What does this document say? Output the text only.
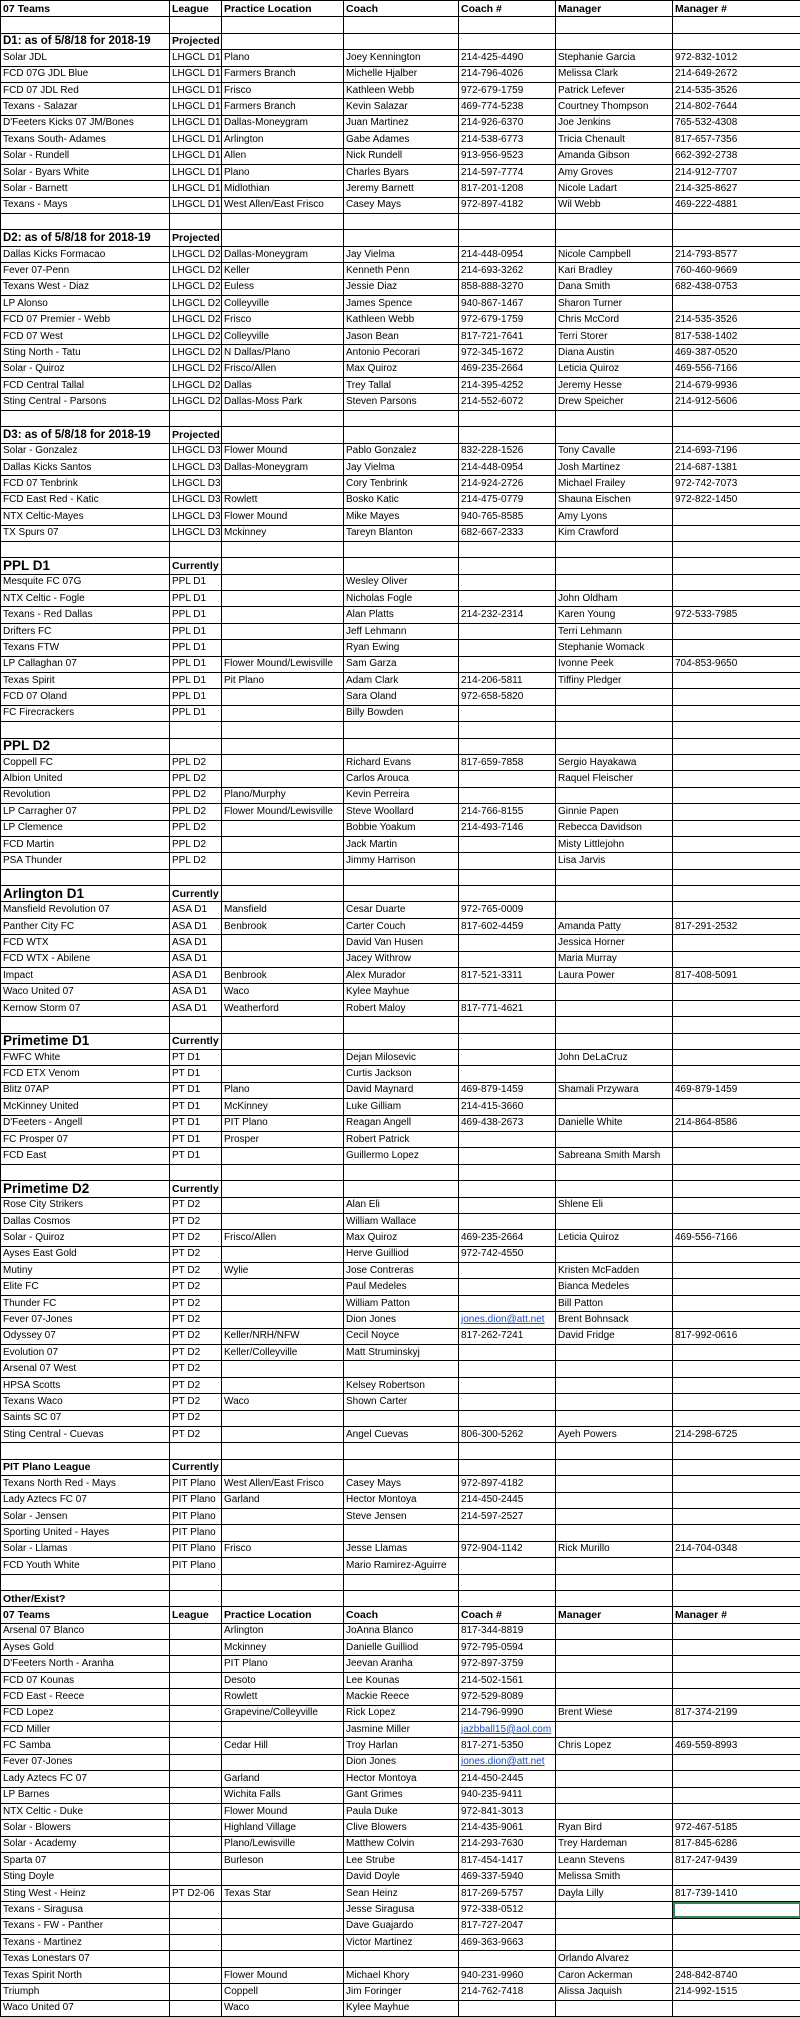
07 Teams	League	Practice Location	Coach	Coach #	Manager	Manager #

D1: as of 5/8/18 for 2018-19	Projected					
Solar JDL	LHGCL D1	Plano	Joey Kennington	214-425-4490	Stephanie Garcia	972-832-1012
FCD 07G JDL Blue	LHGCL D1	Farmers Branch	Michelle Hjalber	214-796-4026	Melissa Clark	214-649-2672
FCD 07 JDL Red	LHGCL D1	Frisco	Kathleen Webb	972-679-1759	Patrick Lefever	214-535-3526
Texans - Salazar	LHGCL D1	Farmers Branch	Kevin Salazar	469-774-5238	Courtney Thompson	214-802-7644
D'Feeters Kicks 07 JM/Bones	LHGCL D1	Dallas-Moneygram	Juan Martinez	214-926-6370	Joe Jenkins	765-532-4308
Texans South- Adames	LHGCL D1	Arlington	Gabe Adames	214-538-6773	Tricia Chenault	817-657-7356
Solar - Rundell	LHGCL D1	Allen	Nick Rundell	913-956-9523	Amanda Gibson	662-392-2738
Solar - Byars White	LHGCL D1	Plano	Charles Byars	214-597-7774	Amy Groves	214-912-7707
Solar - Barnett	LHGCL D1	Midlothian	Jeremy Barnett	817-201-1208	Nicole Ladart	214-325-8627
Texans - Mays	LHGCL D1	West Allen/East Frisco	Casey Mays	972-897-4182	Wil Webb	469-222-4881

D2: as of 5/8/18 for 2018-19	Projected					
Dallas Kicks Formacao	LHGCL D2	Dallas-Moneygram	Jay Vielma	214-448-0954	Nicole Campbell	214-793-8577
Fever 07-Penn	LHGCL D2	Keller	Kenneth Penn	214-693-3262	Kari Bradley	760-460-9669
Texans West - Diaz	LHGCL D2	Euless	Jessie Diaz	858-888-3270	Dana Smith	682-438-0753
LP Alonso	LHGCL D2	Colleyville	James Spence	940-867-1467	Sharon Turner	
FCD 07 Premier - Webb	LHGCL D2	Frisco	Kathleen Webb	972-679-1759	Chris McCord	214-535-3526
FCD 07 West	LHGCL D2	Colleyville	Jason Bean	817-721-7641	Terri Storer	817-538-1402
Sting North - Tatu	LHGCL D2	N Dallas/Plano	Antonio Pecorari	972-345-1672	Diana Austin	469-387-0520
Solar - Quiroz	LHGCL D2	Frisco/Allen	Max Quiroz	469-235-2664	Leticia Quiroz	469-556-7166
FCD Central Tallal	LHGCL D2	Dallas	Trey Tallal	214-395-4252	Jeremy Hesse	214-679-9936
Sting Central - Parsons	LHGCL D2	Dallas-Moss Park	Steven Parsons	214-552-6072	Drew Speicher	214-912-5606

D3: as of 5/8/18 for 2018-19	Projected					
Solar - Gonzalez	LHGCL D3	Flower Mound	Pablo Gonzalez	832-228-1526	Tony Cavalle	214-693-7196
Dallas Kicks Santos	LHGCL D3	Dallas-Moneygram	Jay Vielma	214-448-0954	Josh Martinez	214-687-1381
FCD 07 Tenbrink	LHGCL D3		Cory Tenbrink	214-924-2726	Michael Frailey	972-742-7073
FCD East Red - Katic	LHGCL D3	Rowlett	Bosko Katic	214-475-0779	Shauna Eischen	972-822-1450
NTX Celtic-Mayes	LHGCL D3	Flower Mound	Mike Mayes	940-765-8585	Amy Lyons	
TX Spurs 07	LHGCL D3	Mckinney	Tareyn Blanton	682-667-2333	Kim Crawford	

PPL D1	Currently					
Mesquite FC 07G	PPL D1		Wesley Oliver			
NTX Celtic - Fogle	PPL D1		Nicholas Fogle		John Oldham	
Texans - Red Dallas	PPL D1		Alan Platts	214-232-2314	Karen Young	972-533-7985
Drifters FC	PPL D1		Jeff Lehmann		Terri Lehmann	
Texans FTW	PPL D1		Ryan Ewing		Stephanie Womack	
LP Callaghan 07	PPL D1	Flower Mound/Lewisville	Sam Garza		Ivonne Peek	704-853-9650
Texas Spirit	PPL D1	Pit Plano	Adam Clark	214-206-5811	Tiffiny Pledger	
FCD 07 Oland	PPL D1		Sara Oland	972-658-5820		
FC Firecrackers	PPL D1		Billy Bowden			

PPL D2						
Coppell FC	PPL D2		Richard Evans	817-659-7858	Sergio Hayakawa	
Albion United	PPL D2		Carlos Arouca		Raquel Fleischer	
Revolution	PPL D2	Plano/Murphy	Kevin Perreira			
LP Carragher 07	PPL D2	Flower Mound/Lewisville	Steve Woollard	214-766-8155	Ginnie Papen	
LP Clemence	PPL D2		Bobbie Yoakum	214-493-7146	Rebecca Davidson	
FCD Martin	PPL D2		Jack Martin		Misty Littlejohn	
PSA Thunder	PPL D2		Jimmy Harrison		Lisa Jarvis	

Arlington D1	Currently					
Mansfield Revolution 07	ASA D1	Mansfield	Cesar Duarte	972-765-0009		
Panther City FC	ASA D1	Benbrook	Carter Couch	817-602-4459	Amanda Patty	817-291-2532
FCD WTX	ASA D1		David Van Husen		Jessica Horner	
FCD WTX - Abilene	ASA D1		Jacey Withrow		Maria Murray	
Impact	ASA D1	Benbrook	Alex Murador	817-521-3311	Laura Power	817-408-5091
Waco United 07	ASA D1	Waco	Kylee Mayhue			
Kernow Storm 07	ASA D1	Weatherford	Robert Maloy	817-771-4621		

Primetime D1	Currently					
FWFC White	PT D1		Dejan Milosevic		John DeLaCruz	
FCD ETX Venom	PT D1		Curtis Jackson			
Blitz 07AP	PT D1	Plano	David Maynard	469-879-1459	Shamali Przywara	469-879-1459
McKinney United	PT D1	McKinney	Luke Gilliam	214-415-3660		
D'Feeters - Angell	PT D1	PIT Plano	Reagan Angell	469-438-2673	Danielle White	214-864-8586
FC Prosper 07	PT D1	Prosper	Robert Patrick			
FCD East	PT D1		Guillermo Lopez		Sabreana Smith Marsh	

Primetime D2	Currently					
Rose City Strikers	PT D2		Alan Eli		Shlene Eli	
Dallas Cosmos	PT D2		William Wallace			
Solar - Quiroz	PT D2	Frisco/Allen	Max Quiroz	469-235-2664	Leticia Quiroz	469-556-7166
Ayses East Gold	PT D2		Herve Guilliod	972-742-4550		
Mutiny	PT D2	Wylie	Jose Contreras		Kristen McFadden	
Elite FC	PT D2		Paul Medeles		Bianca Medeles	
Thunder FC	PT D2		William Patton		Bill Patton	
Fever 07-Jones	PT D2		Dion Jones	jones.dion@att.net	Brent Bohnsack	
Odyssey 07	PT D2	Keller/NRH/NFW	Cecil Noyce	817-262-7241	David Fridge	817-992-0616
Evolution 07	PT D2	Keller/Colleyville	Matt Struminskyj			
Arsenal 07 West	PT D2					
HPSA Scotts	PT D2		Kelsey Robertson			
Texans Waco	PT D2	Waco	Shown Carter			
Saints SC 07	PT D2					
Sting Central - Cuevas	PT D2		Angel Cuevas	806-300-5262	Ayeh Powers	214-298-6725

PIT Plano League	Currently					
Texans North Red - Mays	PIT Plano	West Allen/East Frisco	Casey Mays	972-897-4182		
Lady Aztecs FC 07	PIT Plano	Garland	Hector Montoya	214-450-2445		
Solar - Jensen	PIT Plano		Steve Jensen	214-597-2527		
Sporting United - Hayes	PIT Plano					
Solar - Llamas	PIT Plano	Frisco	Jesse Llamas	972-904-1142	Rick Murillo	214-704-0348
FCD Youth White	PIT Plano		Mario Ramirez-Aguirre			

Other/Exist?						
07 Teams	League	Practice Location	Coach	Coach #	Manager	Manager #
Arsenal 07 Blanco		Arlington	JoAnna Blanco	817-344-8819		
Ayses Gold		Mckinney	Danielle Guilliod	972-795-0594		
D'Feeters North - Aranha		PIT Plano	Jeevan Aranha	972-897-3759		
FCD 07 Kounas		Desoto	Lee Kounas	214-502-1561		
FCD East - Reece		Rowlett	Mackie Reece	972-529-8089		
FCD Lopez		Grapevine/Colleyville	Rick Lopez	214-796-9990	Brent Wiese	817-374-2199
FCD Miller			Jasmine Miller	jazbball15@aol.com		
FC Samba		Cedar Hill	Troy Harlan	817-271-5350	Chris Lopez	469-559-8993
Fever 07-Jones			Dion Jones	jones.dion@att.net		
Lady Aztecs FC 07		Garland	Hector Montoya	214-450-2445		
LP Barnes		Wichita Falls	Gant Grimes	940-235-9411		
NTX Celtic - Duke		Flower Mound	Paula Duke	972-841-3013		
Solar - Blowers		Highland Village	Clive Blowers	214-435-9061	Ryan Bird	972-467-5185
Solar - Academy		Plano/Lewisville	Matthew Colvin	214-293-7630	Trey Hardeman	817-845-6286
Sparta 07		Burleson	Lee Strube	817-454-1417	Leann Stevens	817-247-9439
Sting Doyle			David Doyle	469-337-5940	Melissa Smith	
Sting West - Heinz	PT D2-06	Texas Star	Sean Heinz	817-269-5757	Dayla Lilly	817-739-1410
Texans - Siragusa			Jesse Siragusa	972-338-0512		
Texans - FW - Panther			Dave Guajardo	817-727-2047		
Texans - Martinez			Victor Martinez	469-363-9663		
Texas Lonestars 07					Orlando Alvarez	
Texas Spirit North		Flower Mound	Michael Khory	940-231-9960	Caron Ackerman	248-842-8740
Triumph		Coppell	Jim Foringer	214-762-7418	Alissa Jaquish	214-992-1515
Waco United 07		Waco	Kylee Mayhue			
